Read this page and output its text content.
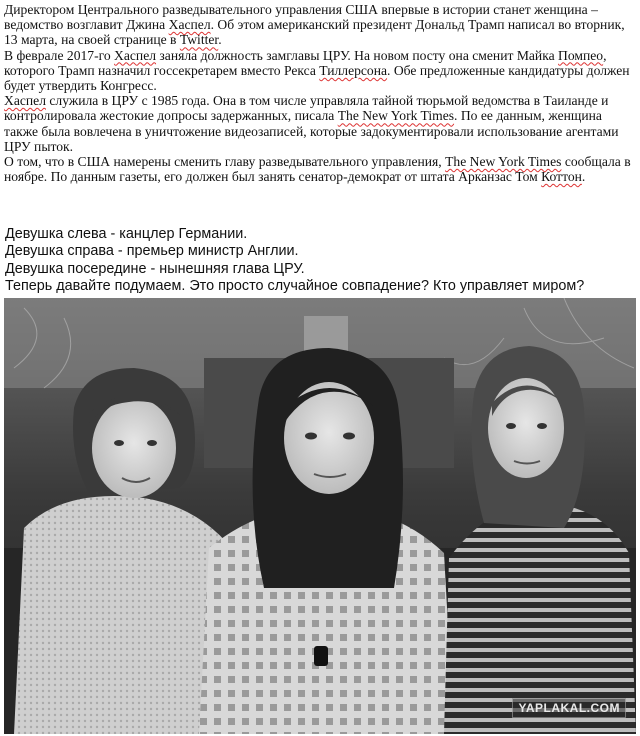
Директором Центрального разведывательного управления США впервые в истории станет женщина – ведомство возглавит Джина Хаспел. Об этом американский президент Дональд Трамп написал во вторник, 13 марта, на своей странице в Twitter.

В феврале 2017-го Хаспел заняла должность замглавы ЦРУ. На новом посту она сменит Майка Помпео, которого Трамп назначил госсекретарем вместо Рекса Тиллерсона. Обе предложенные кандидатуры должен будет утвердить Конгресс.

Хаспел служила в ЦРУ с 1985 года. Она в том числе управляла тайной тюрьмой ведомства в Таиланде и контролировала жестокие допросы задержанных, писала The New York Times. По ее данным, женщина также была вовлечена в уничтожение видеозаписей, которые задокументировали использование агентами ЦРУ пыток.

О том, что в США намерены сменить главу разведывательного управления, The New York Times сообщала в ноябре. По данным газеты, его должен был занять сенатор-демократ от штата Арканзас Том Коттон.

Девушка слева - канцлер Германии.

Девушка справа - премьер министр Англии.

Девушка посередине - нынешняя глава ЦРУ.

Теперь давайте подумаем. Это просто случайное совпадение? Кто управляет миром?

YAPLAKAL.COM
